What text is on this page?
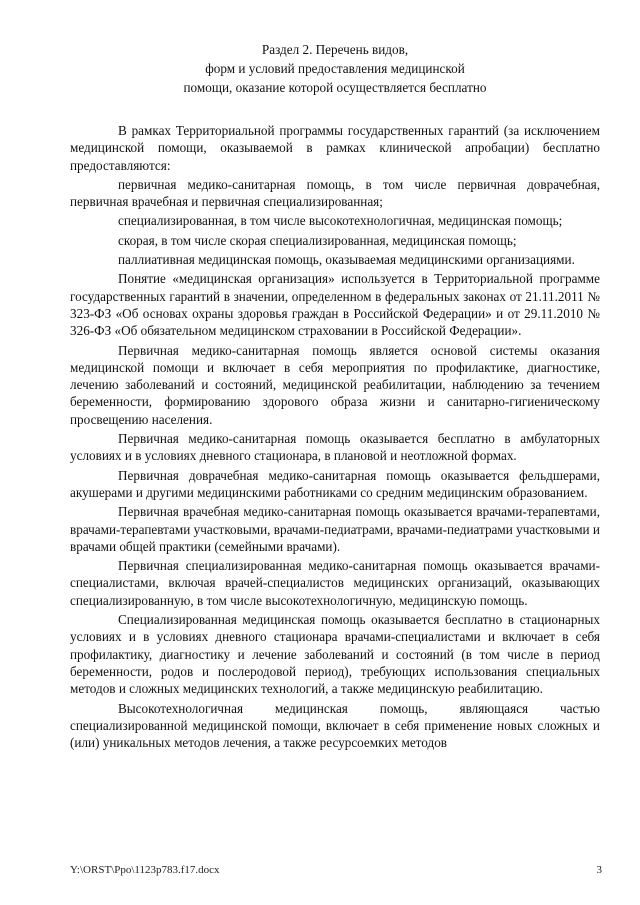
Раздел 2. Перечень видов,
форм и условий предоставления медицинской
помощи, оказание которой осуществляется бесплатно

В рамках Территориальной программы государственных гарантий (за исключением медицинской помощи, оказываемой в рамках клинической апробации) бесплатно предоставляются:

первичная медико-санитарная помощь, в том числе первичная доврачебная, первичная врачебная и первичная специализированная;

специализированная, в том числе высокотехнологичная, медицинская помощь;

скорая, в том числе скорая специализированная, медицинская помощь;

паллиативная медицинская помощь, оказываемая медицинскими организациями.

Понятие «медицинская организация» используется в Территориальной программе государственных гарантий в значении, определенном в федеральных законах от 21.11.2011 № 323-ФЗ «Об основах охраны здоровья граждан в Российской Федерации» и от 29.11.2010 № 326-ФЗ «Об обязательном медицинском страховании в Российской Федерации».

Первичная медико-санитарная помощь является основой системы оказания медицинской помощи и включает в себя мероприятия по профилактике, диагностике, лечению заболеваний и состояний, медицинской реабилитации, наблюдению за течением беременности, формированию здорового образа жизни и санитарно-гигиеническому просвещению населения.

Первичная медико-санитарная помощь оказывается бесплатно в амбулаторных условиях и в условиях дневного стационара, в плановой и неотложной формах.

Первичная доврачебная медико-санитарная помощь оказывается фельдшерами, акушерами и другими медицинскими работниками со средним медицинским образованием.

Первичная врачебная медико-санитарная помощь оказывается врачами-терапевтами, врачами-терапевтами участковыми, врачами-педиатрами, врачами-педиатрами участковыми и врачами общей практики (семейными врачами).

Первичная специализированная медико-санитарная помощь оказывается врачами-специалистами, включая врачей-специалистов медицинских организаций, оказывающих специализированную, в том числе высокотехнологичную, медицинскую помощь.

Специализированная медицинская помощь оказывается бесплатно в стационарных условиях и в условиях дневного стационара врачами-специалистами и включает в себя профилактику, диагностику и лечение заболеваний и состояний (в том числе в период беременности, родов и послеродовой период), требующих использования специальных методов и сложных медицинских технологий, а также медицинскую реабилитацию.

Высокотехнологичная медицинская помощь, являющаяся частью специализированной медицинской помощи, включает в себя применение новых сложных и (или) уникальных методов лечения, а также ресурсоемких методов

Y:\ORST\Ppo\1123p783.f17.docx	3
